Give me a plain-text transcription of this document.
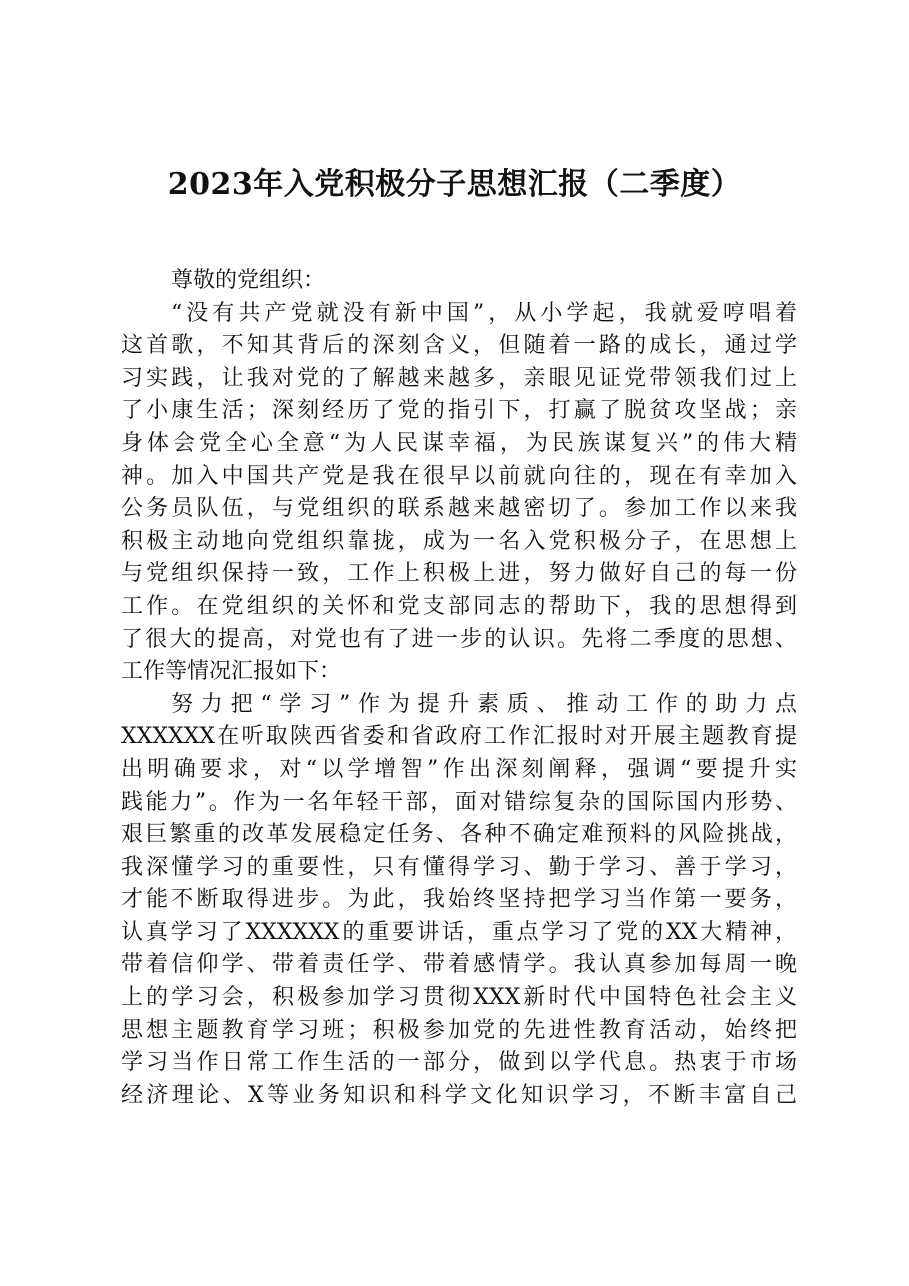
2023年入党积极分子思想汇报（二季度）
尊敬的党组织：
“没有共产党就没有新中国”，从小学起，我就爱哼唱着
这首歌，不知其背后的深刻含义，但随着一路的成长，通过学
习实践，让我对党的了解越来越多，亲眼见证党带领我们过上
了小康生活；深刻经历了党的指引下，打赢了脱贫攻坚战；亲
身体会党全心全意“为人民谋幸福，为民族谋复兴”的伟大精
神。加入中国共产党是我在很早以前就向往的，现在有幸加入
公务员队伍，与党组织的联系越来越密切了。参加工作以来我
积极主动地向党组织靠拢，成为一名入党积极分子，在思想上
与党组织保持一致，工作上积极上进，努力做好自己的每一份
工作。在党组织的关怀和党支部同志的帮助下，我的思想得到
了很大的提高，对党也有了进一步的认识。先将二季度的思想、
工作等情况汇报如下：
努力把“学习”作为提升素质、推动工作的助力点
XXXXXX在听取陕西省委和省政府工作汇报时对开展主题教育提
出明确要求，对“以学增智”作出深刻阐释，强调“要提升实
践能力”。作为一名年轻干部，面对错综复杂的国际国内形势、
艰巨繁重的改革发展稳定任务、各种不确定难预料的风险挑战，
我深懂学习的重要性，只有懂得学习、勤于学习、善于学习，
才能不断取得进步。为此，我始终坚持把学习当作第一要务，
认真学习了XXXXXX的重要讲话，重点学习了党的XX大精神，
带着信仰学、带着责任学、带着感情学。我认真参加每周一晚
上的学习会，积极参加学习贯彻XXX新时代中国特色社会主义
思想主题教育学习班；积极参加党的先进性教育活动，始终把
学习当作日常工作生活的一部分，做到以学代息。热衷于市场
经济理论、X等业务知识和科学文化知识学习，不断丰富自己
